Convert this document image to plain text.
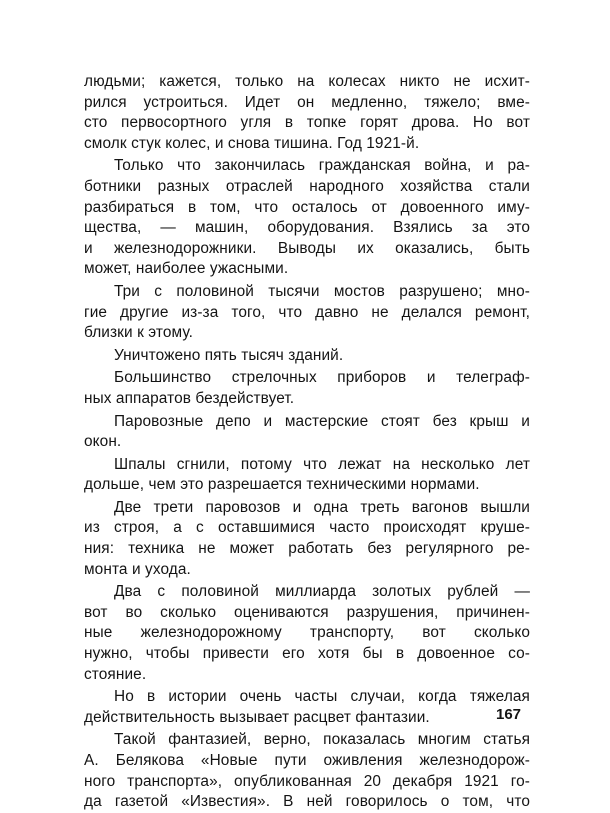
людьми; кажется, только на колесах никто не исхит-
рился устроиться. Идет он медленно, тяжело; вме-
сто первосортного угля в топке горят дрова. Но вот
смолк стук колес, и снова тишина. Год 1921-й.
Только что закончилась гражданская война, и ра-
ботники разных отраслей народного хозяйства стали
разбираться в том, что осталось от довоенного иму-
щества, — машин, оборудования. Взялись за это
и железнодорожники. Выводы их оказались, быть
может, наиболее ужасными.
Три с половиной тысячи мостов разрушено; мно-
гие другие из-за того, что давно не делался ремонт,
близки к этому.
Уничтожено пять тысяч зданий.
Большинство стрелочных приборов и телеграф-
ных аппаратов бездействует.
Паровозные депо и мастерские стоят без крыш и
окон.
Шпалы сгнили, потому что лежат на несколько лет
дольше, чем это разрешается техническими нормами.
Две трети паровозов и одна треть вагонов вышли
из строя, а с оставшимися часто происходят круше-
ния: техника не может работать без регулярного ре-
монта и ухода.
Два с половиной миллиарда золотых рублей —
вот во сколько оцениваются разрушения, причинен-
ные железнодорожному транспорту, вот сколько
нужно, чтобы привести его хотя бы в довоенное со-
стояние.
Но в истории очень часты случаи, когда тяжелая
действительность вызывает расцвет фантазии.
Такой фантазией, верно, показалась многим статья
А. Белякова «Новые пути оживления железнодорож-
ного транспорта», опубликованная 20 декабря 1921 го-
да газетой «Известия». В ней говорилось о том, что
167
